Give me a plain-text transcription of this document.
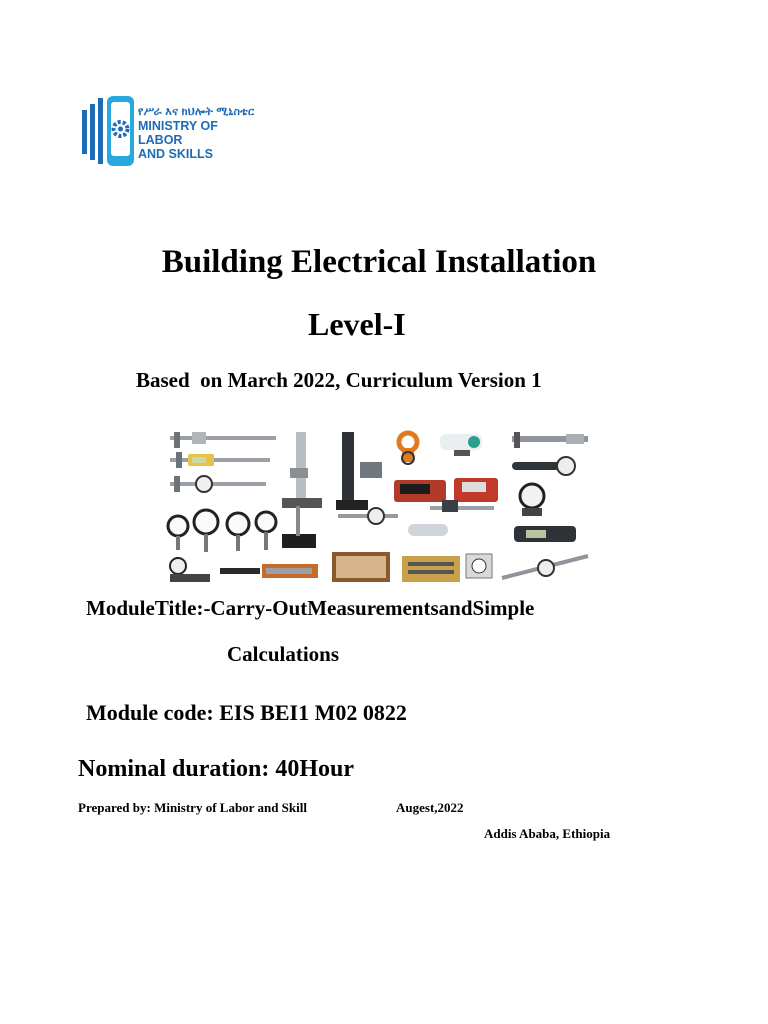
የሥራ እና ክህሎት ሚኒስቴር
MINISTRY OF LABOR
AND SKILLS
Building Electrical Installation
Level-I
Based  on March 2022, Curriculum Version 1
ModuleTitle:-Carry-OutMeasurementsandSimple
Calculations
Module code: EIS BEI1 M02 0822
Nominal duration: 40Hour
Prepared by: Ministry of Labor and Skill	Augest,2022
Addis Ababa, Ethiopia
